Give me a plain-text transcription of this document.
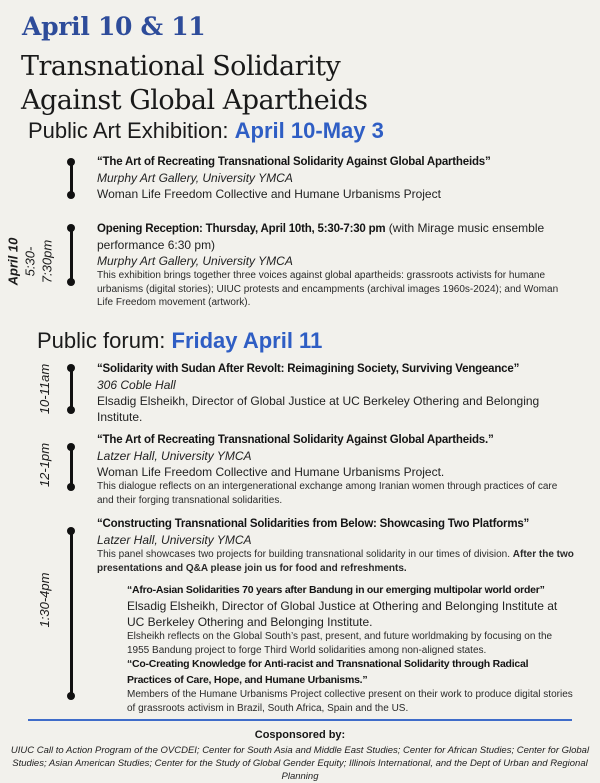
April 10 & 11
Transnational Solidarity
Against Global Apartheids
Public Art Exhibition: April 10-May 3
April 10 5:30-7:30pm
10-11am
12-1pm
1:30-4pm
“The Art of Recreating Transnational Solidarity Against Global Apartheids”
Murphy Art Gallery, University YMCA
Woman Life Freedom Collective and Humane Urbanisms Project
Opening Reception: Thursday, April 10th, 5:30-7:30 pm (with Mirage music ensemble performance 6:30 pm)
Murphy Art Gallery, University YMCA
This exhibition brings together three voices against global apartheids: grassroots activists for humane urbanisms (digital stories); UIUC protests and encampments (archival images 1960s-2024); and Woman Life Freedom movement (artwork).
Public forum: Friday April 11
“Solidarity with Sudan After Revolt: Reimagining Society, Surviving Vengeance”
306 Coble Hall
Elsadig Elsheikh, Director of Global Justice at UC Berkeley Othering and Belonging Institute.
“The Art of Recreating Transnational Solidarity Against Global Apartheids.”
Latzer Hall, University YMCA
Woman Life Freedom Collective and Humane Urbanisms Project.
This dialogue reflects on an intergenerational exchange among Iranian women through practices of care and their forging transnational solidarities.
“Constructing Transnational Solidarities from Below: Showcasing Two Platforms”
Latzer Hall, University YMCA
This panel showcases two projects for building transnational solidarity in our times of division. After the two presentations and Q&A please join us for food and refreshments.
“Afro-Asian Solidarities 70 years after Bandung in our emerging multipolar world order”
Elsadig Elsheikh, Director of Global Justice at Othering and Belonging Institute at UC Berkeley Othering and Belonging Institute.
Elsheikh reflects on the Global South’s past, present, and future worldmaking by focusing on the 1955 Bandung project to forge Third World solidarities among non-aligned states.
“Co-Creating Knowledge for Anti-racist and Transnational Solidarity through Radical Practices of Care, Hope, and Humane Urbanisms.”
Members of the Humane Urbanisms Project collective present on their work to produce digital stories of grassroots activism in Brazil, South Africa, Spain and the US.
Cosponsored by:
UIUC Call to Action Program of the OVCDEI; Center for South Asia and Middle East Studies; Center for African Studies; Center for Global Studies; Asian American Studies; Center for the Study of Global Gender Equity; Illinois International, and the Dept of Urban and Regional Planning
